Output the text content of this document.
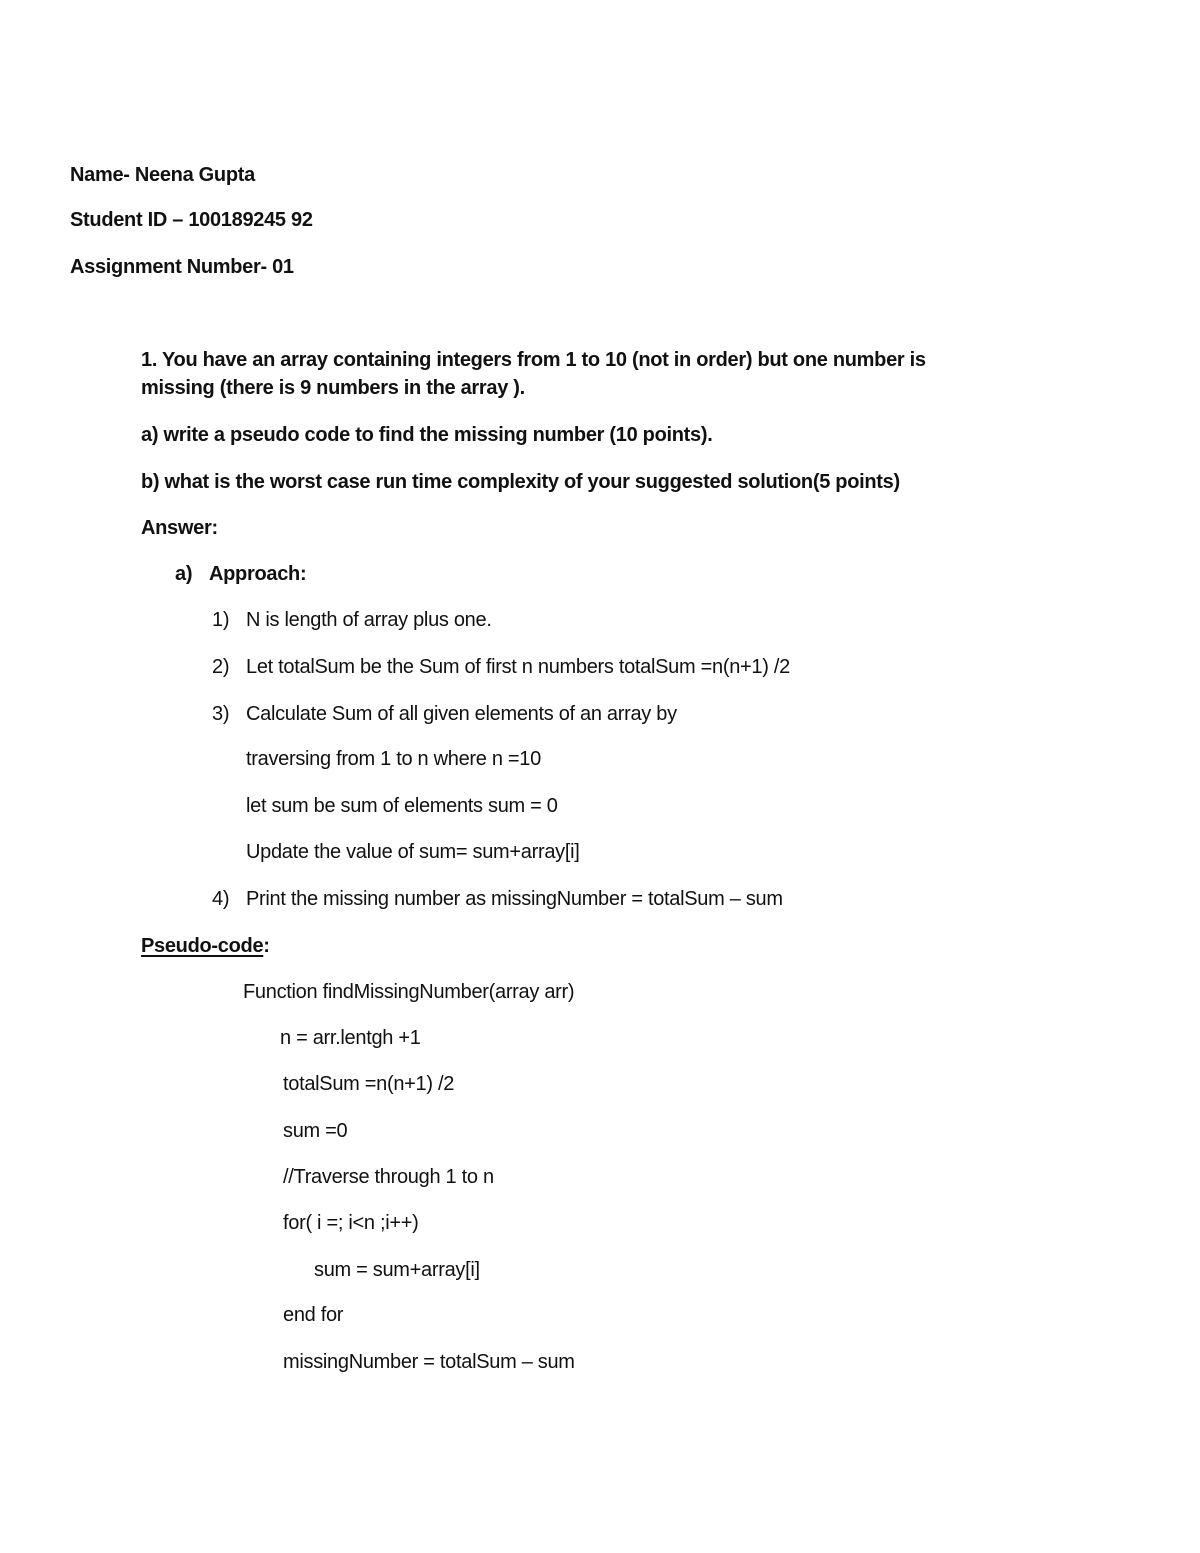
Name- Neena Gupta
Student ID – 100189245 92
Assignment Number- 01
1. You have an array containing integers from 1 to 10 (not in order) but one number is
missing (there is 9 numbers in the array ).
a) write a pseudo code to find the missing number (10 points).
b) what is the worst case run time complexity of your suggested solution(5 points)
Answer:
a) Approach:
1) N is length of array plus one.
2) Let totalSum be the Sum of first n numbers totalSum =n(n+1) /2
3) Calculate Sum of all given elements of an array by
traversing from 1 to n where n =10
let sum be sum of elements sum = 0
Update the value of sum= sum+array[i]
4) Print the missing number as missingNumber = totalSum – sum
Pseudo-code:
Function findMissingNumber(array arr)
n = arr.lentgh +1
totalSum =n(n+1) /2
sum =0
//Traverse through 1 to n
for( i =; i<n ;i++)
sum = sum+array[i]
end for
missingNumber = totalSum – sum
